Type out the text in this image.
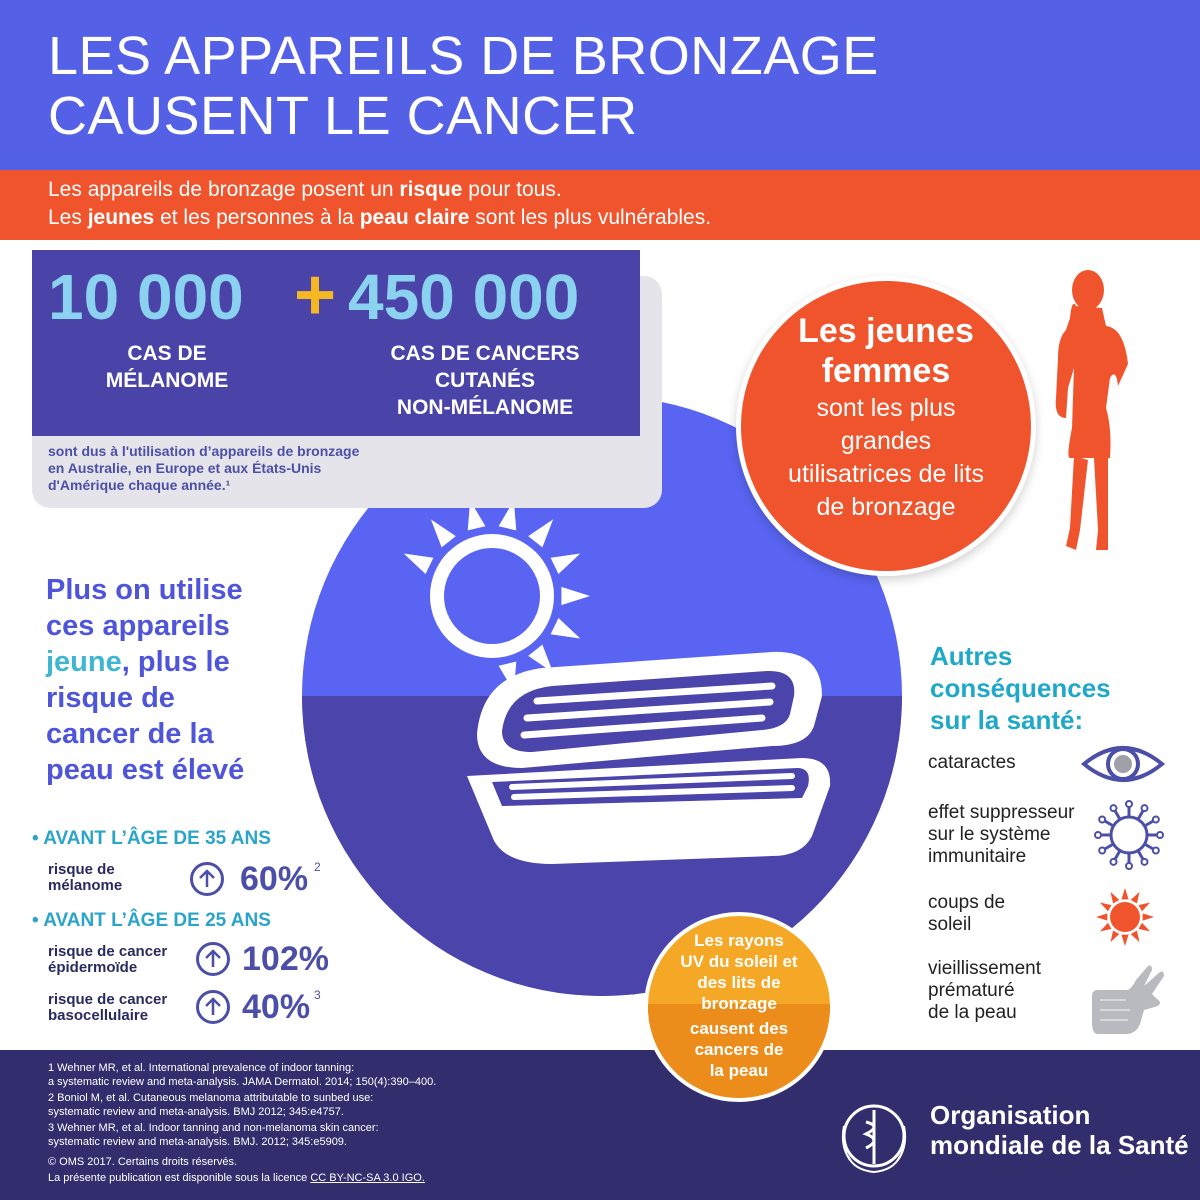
LES APPAREILS DE BRONZAGE
CAUSENT LE CANCER
Les appareils de bronzage posent un risque pour tous.
Les jeunes et les personnes à la peau claire sont les plus vulnérables.
10 000 + 450 000
CAS DE
MÉLANOME
CAS DE CANCERS
CUTANÉS
NON-MÉLANOME
sont dus à l'utilisation d’appareils de bronzage
en Australie, en Europe et aux États-Unis
d'Amérique chaque année.¹
Les jeunes
femmes
sont les plus
grandes
utilisatrices de lits
de bronzage
Plus on utilise
ces appareils
jeune, plus le
risque de
cancer de la
peau est élevé
• AVANT L’ÂGE DE 35 ANS
risque de
mélanome	60% 2
• AVANT L’ÂGE DE 25 ANS
risque de cancer
épidermoïde	102%
risque de cancer
basocellulaire	40% 3
Autres
conséquences
sur la santé:
cataractes
effet suppresseur
sur le système
immunitaire
coups de
soleil
vieillissement
prématuré
de la peau
1 Wehner MR, et al. International prevalence of indoor tanning:
a systematic review and meta-analysis. JAMA Dermatol. 2014; 150(4):390–400.
2 Boniol M, et al. Cutaneous melanoma attributable to sunbed use:
systematic review and meta-analysis. BMJ 2012; 345:e4757.
3 Wehner MR, et al. Indoor tanning and non-melanoma skin cancer:
systematic review and meta-analysis. BMJ. 2012; 345:e5909.
© OMS 2017. Certains droits réservés.
La présente publication est disponible sous la licence CC BY-NC-SA 3.0 IGO.
Organisation
mondiale de la Santé
Les rayons
UV du soleil et
des lits de
bronzage
causent des
cancers de
la peau
